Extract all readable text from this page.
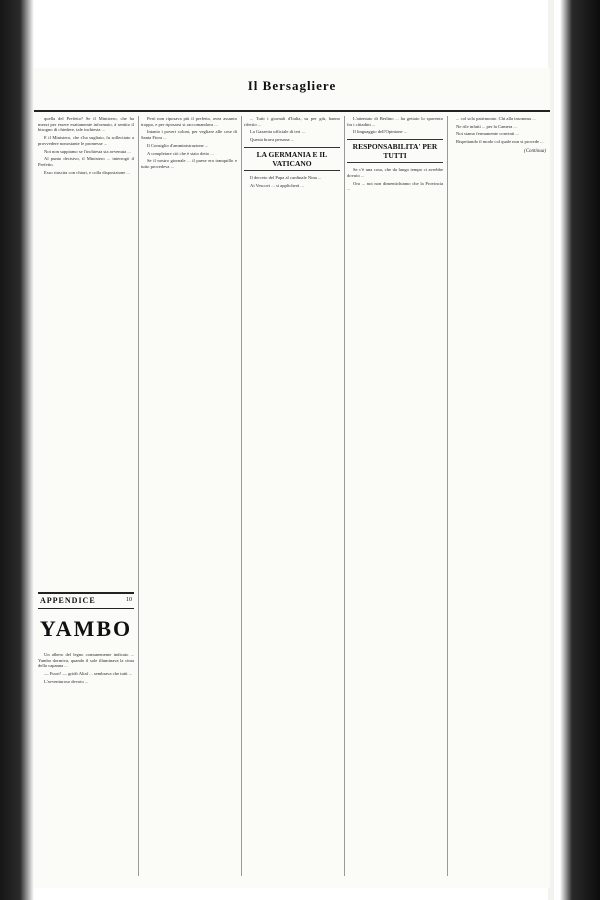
Il Bersagliere

quella del Prefetto? Se il Ministero, che ha mezzi per essere esattamente informato, à sentito il bisogno di chiedere, tale inchiesta ...

E il Ministero, che s'ha sugliato, fu sollecitato a provvedere nonostante le promesse ...

Noi non sappiamo se l'inchiesta sia avvenuta ...

Al punto decisivo, il Ministero ... interrogò il Prefetto.

Esso riuscita con chiari, e colla disposizione ...

APPENDICE	10
YAMBO

Un albero del legno comunemente indicato ... Yambo dormiva, quando il sole illuminava la cima della capanna ...

— Fuori! — gridò Aliaf ... sembrava che tutti ...

L'avventuroso devoto ...

Però non riposava più il prefetto, avea assunto troppo, e per riposarsi si raccomandava ...

Intanto i poveri coloni, per vegliare alle cose di Santa Fiora ...

Il Consiglio d'amministrazione ...

A completare ciò che è stato detto ...

Se il nostro giornale ... il paese era tranquillo e tutto procedeva ...

... Tutti i giornali d'Italia, su per giù, hanno riferito ...

La Gazzetta ufficiale di ieri ...

Questa brava persona ...

LA GERMANIA E IL VATICANO

Il decreto del Papa al cardinale Nina ...

Ai Vescovi ... si applicherà ...

L'attentato di Berlino ... ha gettato lo spavento fra i cittadini ...

Il linguaggio dell'Opinione ...

RESPONSABILITA' PER TUTTI

Se c'è una cosa, che da lungo tempo ci avrebbe dovuto ...

Ora ... noi non dimentichiamo che la Provincia ...

... col solo patrimonio. Chi alla insomma ...

Ne rile infatti ... per la Camera ...

Noi siamo fermamente convinti ...

Rispettando il modo col quale non si procede ...

(Continua)
